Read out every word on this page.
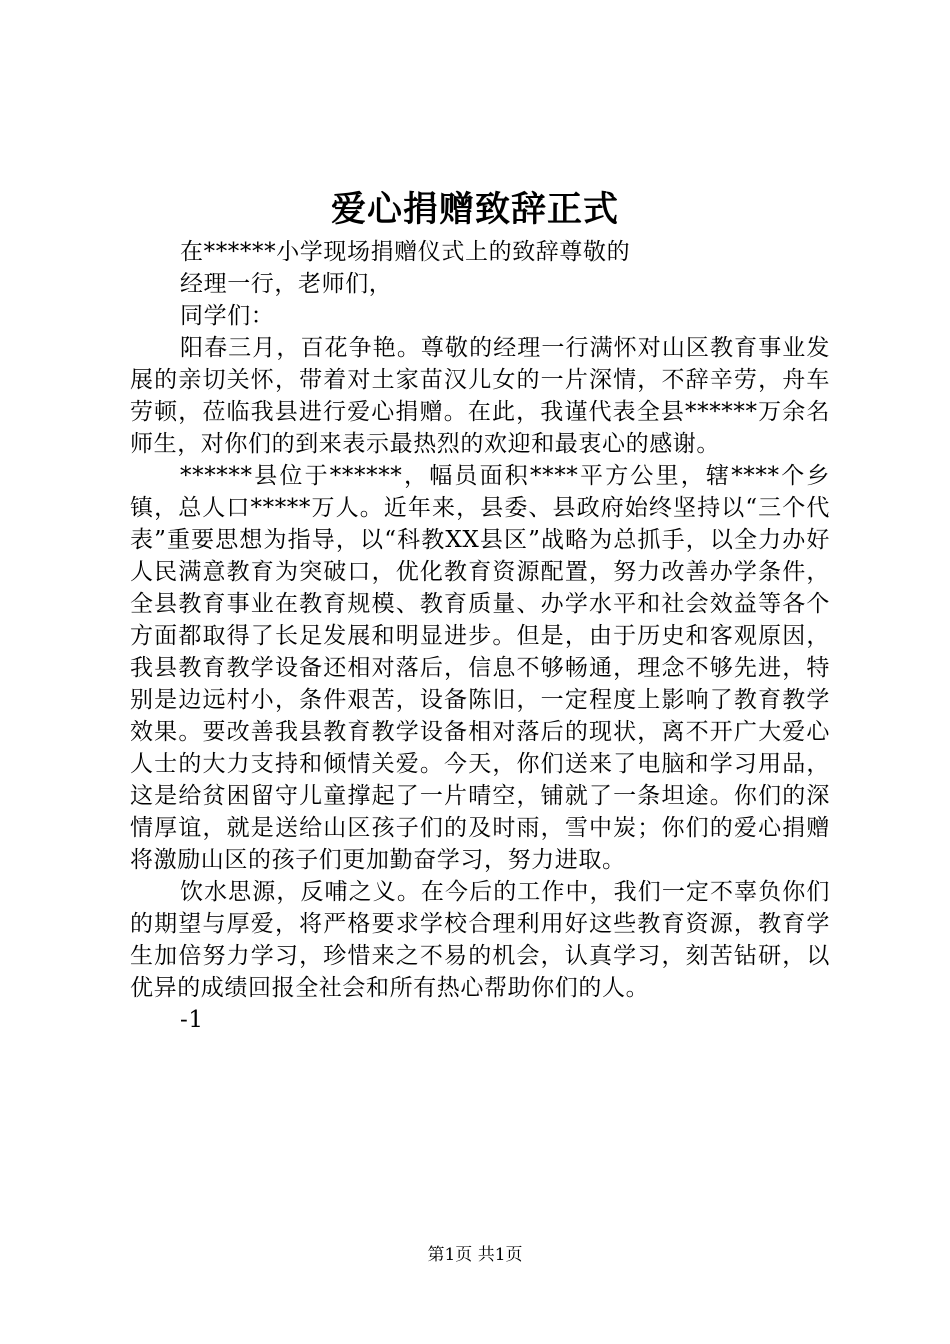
爱心捐赠致辞正式

在******小学现场捐赠仪式上的致辞尊敬的

经理一行，老师们，

同学们：

阳春三月，百花争艳。尊敬的经理一行满怀对山区教育事业发展的亲切关怀，带着对土家苗汉儿女的一片深情，不辞辛劳，舟车劳顿，莅临我县进行爱心捐赠。在此，我谨代表全县******万余名师生，对你们的到来表示最热烈的欢迎和最衷心的感谢。

******县位于******，幅员面积****平方公里，辖****个乡镇，总人口*****万人。近年来，县委、县政府始终坚持以“三个代表”重要思想为指导，以“科教XX县区”战略为总抓手，以全力办好人民满意教育为突破口，优化教育资源配置，努力改善办学条件，全县教育事业在教育规模、教育质量、办学水平和社会效益等各个方面都取得了长足发展和明显进步。但是，由于历史和客观原因，我县教育教学设备还相对落后，信息不够畅通，理念不够先进，特别是边远村小，条件艰苦，设备陈旧，一定程度上影响了教育教学效果。要改善我县教育教学设备相对落后的现状，离不开广大爱心人士的大力支持和倾情关爱。今天，你们送来了电脑和学习用品，这是给贫困留守儿童撑起了一片晴空，铺就了一条坦途。你们的深情厚谊，就是送给山区孩子们的及时雨，雪中炭；你们的爱心捐赠将激励山区的孩子们更加勤奋学习，努力进取。

饮水思源，反哺之义。在今后的工作中，我们一定不辜负你们的期望与厚爱，将严格要求学校合理利用好这些教育资源，教育学生加倍努力学习，珍惜来之不易的机会，认真学习，刻苦钻研，以优异的成绩回报全社会和所有热心帮助你们的人。

-1

第1页 共1页
